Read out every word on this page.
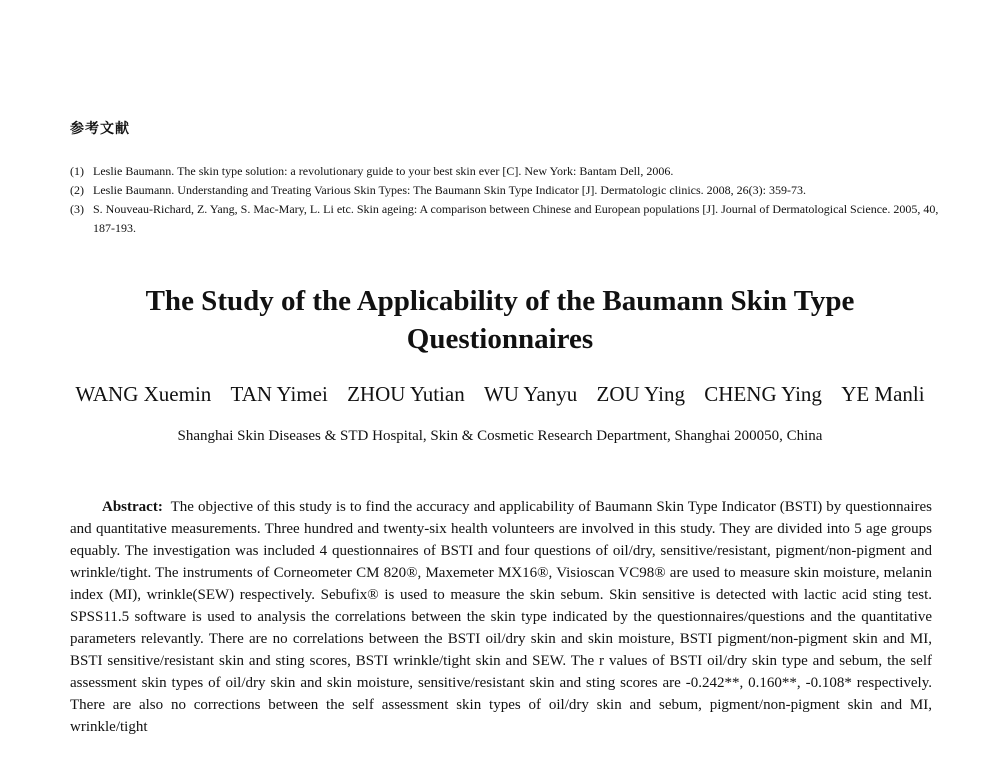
参考文献
(1) Leslie Baumann. The skin type solution: a revolutionary guide to your best skin ever [C]. New York: Bantam Dell, 2006.
(2) Leslie Baumann. Understanding and Treating Various Skin Types: The Baumann Skin Type Indicator [J]. Dermatologic clinics. 2008, 26(3): 359-73.
(3) S. Nouveau-Richard, Z. Yang, S. Mac-Mary, L. Li etc. Skin ageing: A comparison between Chinese and European populations [J]. Journal of Dermatological Science. 2005, 40, 187-193.
The Study of the Applicability of the Baumann Skin Type Questionnaires
WANG Xuemin TAN Yimei ZHOU Yutian WU Yanyu ZOU Ying CHENG Ying YE Manli
Shanghai Skin Diseases & STD Hospital, Skin & Cosmetic Research Department, Shanghai 200050, China
Abstract: The objective of this study is to find the accuracy and applicability of Baumann Skin Type Indicator (BSTI) by questionnaires and quantitative measurements. Three hundred and twenty-six health volunteers are involved in this study. They are divided into 5 age groups equably. The investigation was included 4 questionnaires of BSTI and four questions of oil/dry, sensitive/resistant, pigment/non-pigment and wrinkle/tight. The instruments of Corneometer CM 820®, Maxemeter MX16®, Visioscan VC98® are used to measure skin moisture, melanin index (MI), wrinkle(SEW) respectively. Sebufix® is used to measure the skin sebum. Skin sensitive is detected with lactic acid sting test. SPSS11.5 software is used to analysis the correlations between the skin type indicated by the questionnaires/questions and the quantitative parameters relevantly. There are no correlations between the BSTI oil/dry skin and skin moisture, BSTI pigment/non-pigment skin and MI, BSTI sensitive/resistant skin and sting scores, BSTI wrinkle/tight skin and SEW. The r values of BSTI oil/dry skin type and sebum, the self assessment skin types of oil/dry skin and skin moisture, sensitive/resistant skin and sting scores are -0.242**, 0.160**, -0.108* respectively. There are also no corrections between the self assessment skin types of oil/dry skin and sebum, pigment/non-pigment skin and MI, wrinkle/tight
